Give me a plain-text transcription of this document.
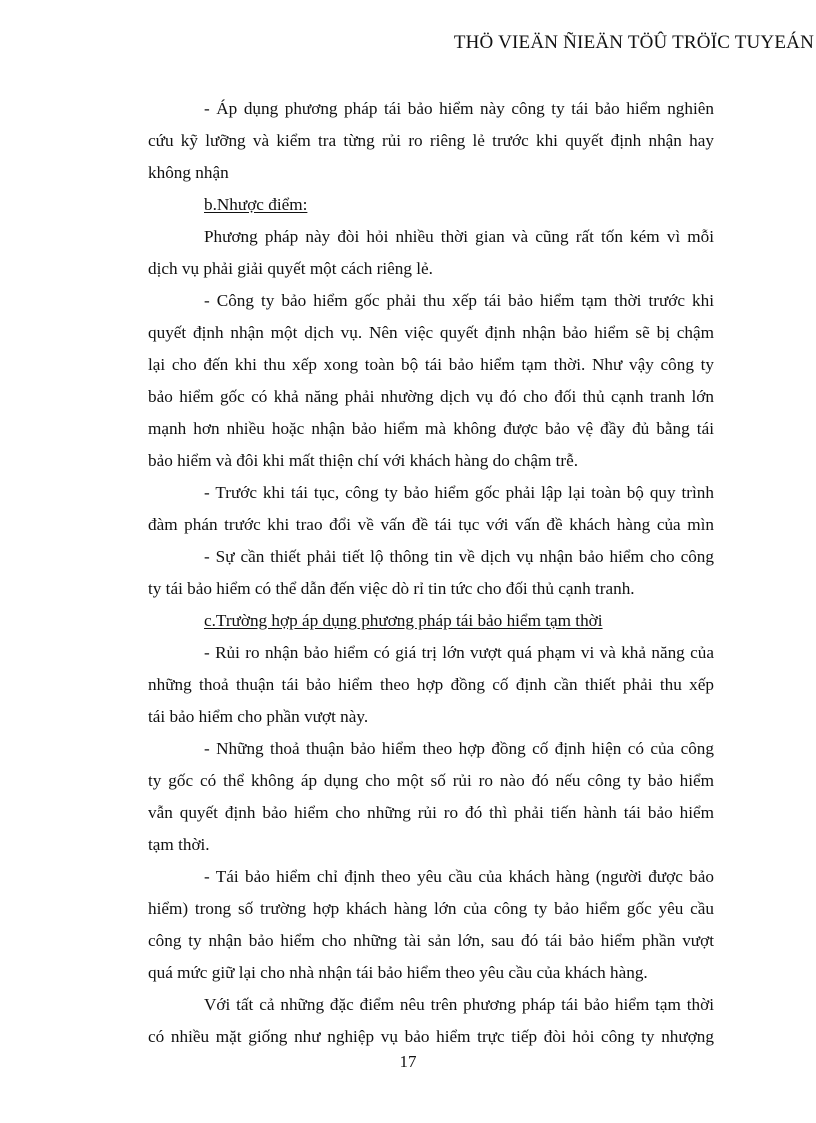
THÖ VIEÄN ÑIEÄN TÖÛ TRÖÏC TUYEÁN
- Áp dụng phương pháp tái bảo hiểm này công ty tái bảo hiểm nghiên
cứu kỹ lưỡng và kiểm tra từng rủi ro riêng lẻ trước khi quyết định nhận hay
không nhận
b.Nhược điểm:
Phương pháp này đòi hỏi nhiều thời gian và cũng rất tốn kém vì mỗi
dịch vụ phải giải quyết một cách riêng lẻ.
- Công ty bảo hiểm gốc phải thu xếp tái bảo hiểm tạm thời trước khi
quyết định nhận một dịch vụ. Nên việc quyết định nhận bảo hiểm sẽ bị chậm
lại cho đến khi thu xếp xong toàn bộ tái bảo hiểm tạm thời. Như vậy công ty
bảo hiểm gốc có khả năng phải nhường dịch vụ đó cho đối thủ cạnh tranh lớn
mạnh hơn nhiều hoặc nhận bảo hiểm mà không được bảo vệ đầy đủ bằng tái
bảo hiểm và đôi khi mất thiện chí với khách hàng do chậm trễ.
- Trước khi tái tục, công ty bảo hiểm gốc phải lập lại toàn bộ quy trình
đàm phán trước khi trao đổi về vấn đề tái tục với vấn đề khách hàng của mìn
- Sự cần thiết phải tiết lộ thông tin về dịch vụ nhận bảo hiểm cho công
ty tái bảo hiểm có thể dẫn đến việc dò rỉ tin tức cho đối thủ cạnh tranh.
c.Trường hợp áp dụng phương pháp tái bảo hiểm tạm thời
- Rủi ro nhận bảo hiểm có giá trị lớn vượt quá phạm vi và khả năng của
những thoả thuận tái bảo hiểm theo hợp đồng cố định cần thiết phải thu xếp
tái bảo hiểm cho phần vượt này.
- Những thoả thuận bảo hiểm theo hợp đồng cố định hiện có của công
ty gốc có thể không áp dụng cho một số rủi ro nào đó nếu công ty bảo hiểm
vẫn quyết định bảo hiểm cho những rủi ro đó thì phải tiến hành tái bảo hiểm
tạm thời.
- Tái bảo hiểm chỉ định theo yêu cầu của khách hàng (người được bảo
hiểm) trong số trường hợp khách hàng lớn của công ty bảo hiểm gốc yêu cầu
công ty nhận bảo hiểm cho những tài sản lớn, sau đó tái bảo hiểm phần vượt
quá mức giữ lại cho nhà nhận tái bảo hiểm theo yêu cầu của khách hàng.
Với tất cả những đặc điểm nêu trên phương pháp tái bảo hiểm tạm thời
có nhiều mặt giống như nghiệp vụ bảo hiểm trực tiếp đòi hỏi công ty nhượng
17
